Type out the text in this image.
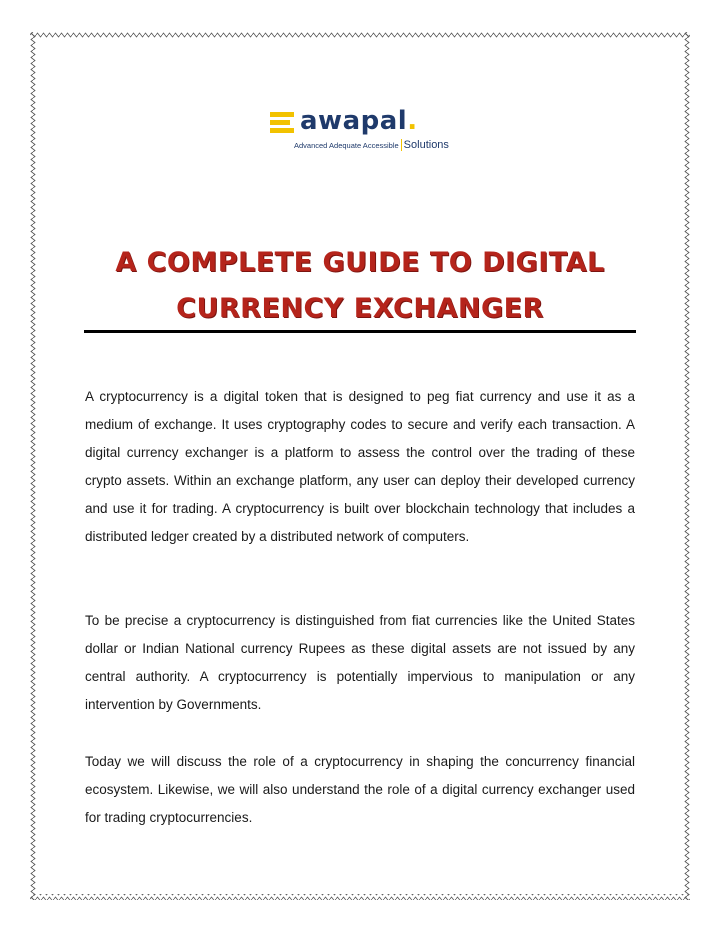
awapal.
Advanced Adequate Accessible Solutions
A COMPLETE GUIDE TO DIGITAL
CURRENCY EXCHANGER

A cryptocurrency is a digital token that is designed to peg fiat currency and use it as a medium of exchange. It uses cryptography codes to secure and verify each transaction. A digital currency exchanger is a platform to assess the control over the trading of these crypto assets. Within an exchange platform, any user can deploy their developed currency and use it for trading. A cryptocurrency is built over blockchain technology that includes a distributed ledger created by a distributed network of computers.

To be precise a cryptocurrency is distinguished from fiat currencies like the United States dollar or Indian National currency Rupees as these digital assets are not issued by any central authority. A cryptocurrency is potentially impervious to manipulation or any intervention by Governments.

Today we will discuss the role of a cryptocurrency in shaping the concurrency financial ecosystem. Likewise, we will also understand the role of a digital currency exchanger used for trading cryptocurrencies.
